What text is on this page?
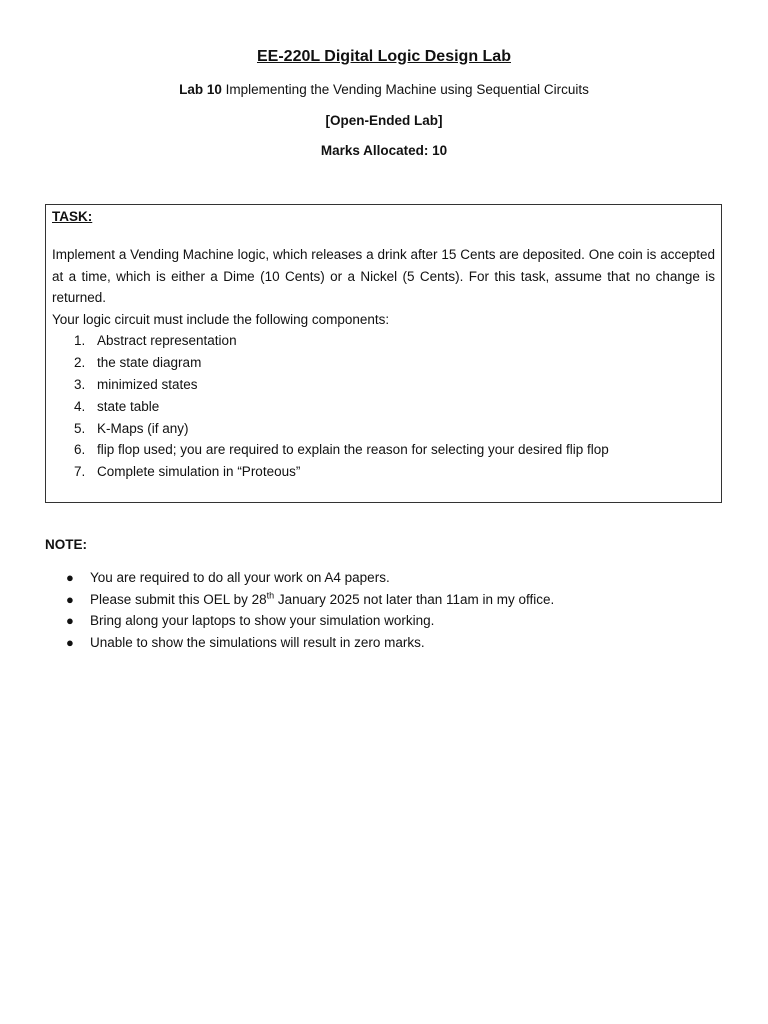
EE-220L Digital Logic Design Lab
Lab 10 Implementing the Vending Machine using Sequential Circuits
[Open-Ended Lab]
Marks Allocated: 10
TASK:
Implement a Vending Machine logic, which releases a drink after 15 Cents are deposited. One coin is accepted at a time, which is either a Dime (10 Cents) or a Nickel (5 Cents). For this task, assume that no change is returned.
Your logic circuit must include the following components:
1. Abstract representation
2. the state diagram
3. minimized states
4. state table
5. K-Maps (if any)
6. flip flop used; you are required to explain the reason for selecting your desired flip flop
7. Complete simulation in “Proteous”
NOTE:
● You are required to do all your work on A4 papers.
● Please submit this OEL by 28th January 2025 not later than 11am in my office.
● Bring along your laptops to show your simulation working.
● Unable to show the simulations will result in zero marks.
